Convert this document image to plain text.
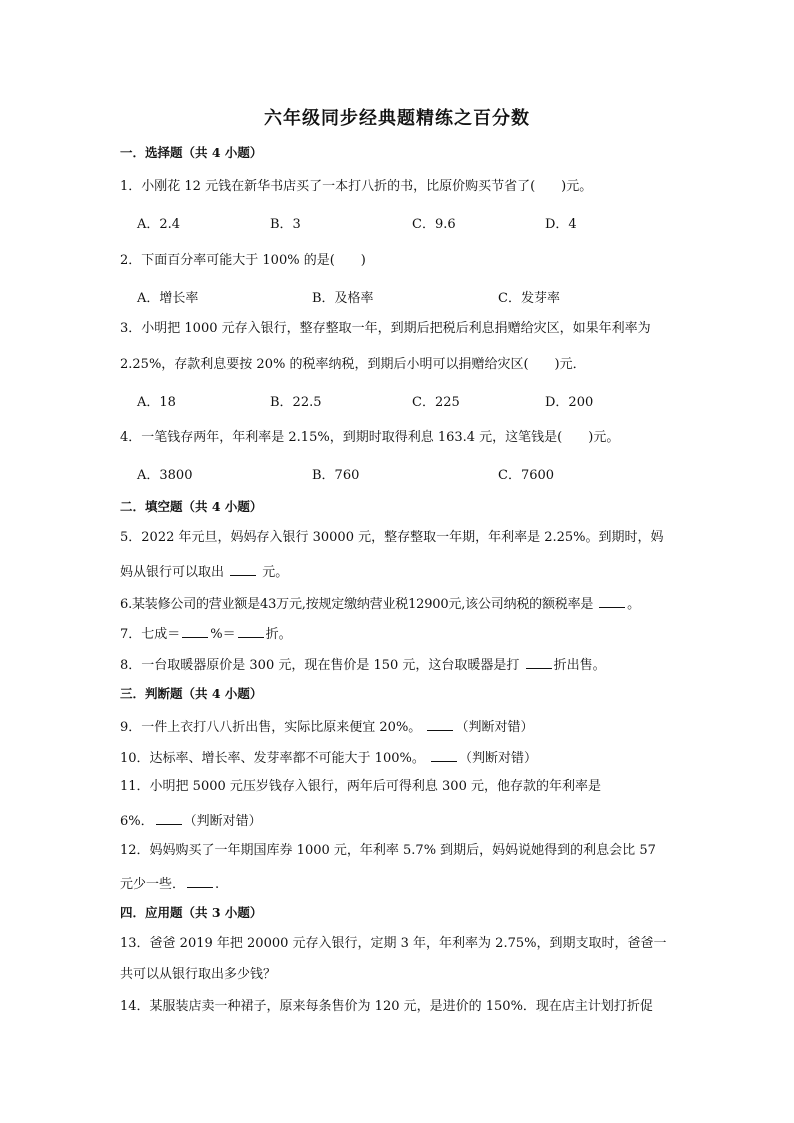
六年级同步经典题精练之百分数
一．选择题（共 4 小题）
1．小刚花 12 元钱在新华书店买了一本打八折的书，比原价购买节省了(　　)元。
A．2.4	B．3	C．9.6	D．4
2．下面百分率可能大于 100% 的是(　　)
A．增长率	B．及格率	C．发芽率
3．小明把 1000 元存入银行，整存整取一年，到期后把税后利息捐赠给灾区，如果年利率为
2.25%，存款利息要按 20% 的税率纳税，到期后小明可以捐赠给灾区(　　)元．
A．18	B．22.5	C．225	D．200
4．一笔钱存两年，年利率是 2.15%，到期时取得利息 163.4 元，这笔钱是(　　)元。
A．3800	B．760	C．7600
二．填空题（共 4 小题）
5．2022 年元旦，妈妈存入银行 30000 元，整存整取一年期，年利率是 2.25%。到期时，妈
妈从银行可以取出	元。
6.某装修公司的营业额是43万元,按规定缴纳营业税12900元,该公司纳税的额税率是	。
7．七成＝ %＝ 折。
8．一台取暖器原价是 300 元，现在售价是 150 元，这台取暖器是打	折出售。
三．判断题（共 4 小题）
9．一件上衣打八八折出售，实际比原来便宜 20%。	（判断对错）
10．达标率、增长率、发芽率都不可能大于 100%。	（判断对错）
11．小明把 5000 元压岁钱存入银行，两年后可得利息 300 元，他存款的年利率是
6%． （判断对错）
12．妈妈购买了一年期国库券 1000 元，年利率 5.7% 到期后，妈妈说她得到的利息会比 57
元少一些． .
四．应用题（共 3 小题）
13．爸爸 2019 年把 20000 元存入银行，定期 3 年，年利率为 2.75%，到期支取时，爸爸一
共可以从银行取出多少钱？
14．某服装店卖一种裙子，原来每条售价为 120 元，是进价的 150%．现在店主计划打折促
